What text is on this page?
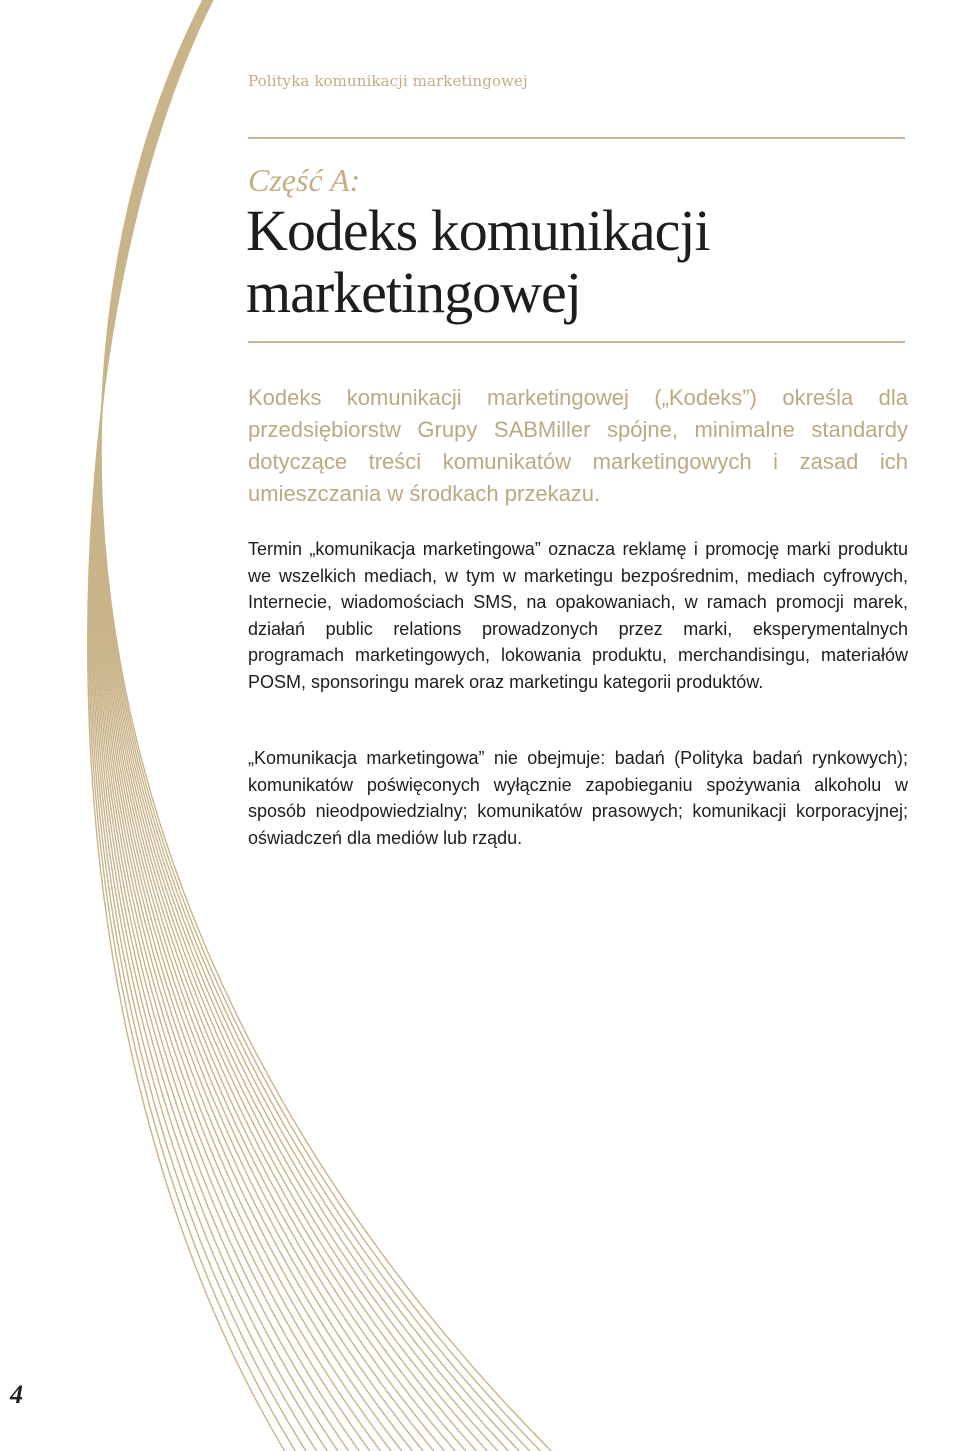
Polityka komunikacji marketingowej
Część A:
Kodeks komunikacji marketingowej

Kodeks komunikacji marketingowej („Kodeks”) określa dla przedsiębiorstw Grupy SABMiller spójne, minimalne standardy dotyczące treści komunikatów marketingowych i zasad ich umieszczania w środkach przekazu.

Termin „komunikacja marketingowa” oznacza reklamę i promocję marki produktu we wszelkich mediach, w tym w marketingu bezpośrednim, mediach cyfrowych, Internecie, wiadomościach SMS, na opakowaniach, w ramach promocji marek, działań public relations prowadzonych przez marki, eksperymentalnych programach marketingowych, lokowania produktu, merchandisingu, materiałów POSM, sponsoringu marek oraz marketingu kategorii produktów.

„Komunikacja marketingowa” nie obejmuje: badań (Polityka badań rynkowych); komunikatów poświęconych wyłącznie zapobieganiu spożywania alkoholu w sposób nieodpowiedzialny; komunikatów prasowych; komunikacji korporacyjnej; oświadczeń dla mediów lub rządu.

4
